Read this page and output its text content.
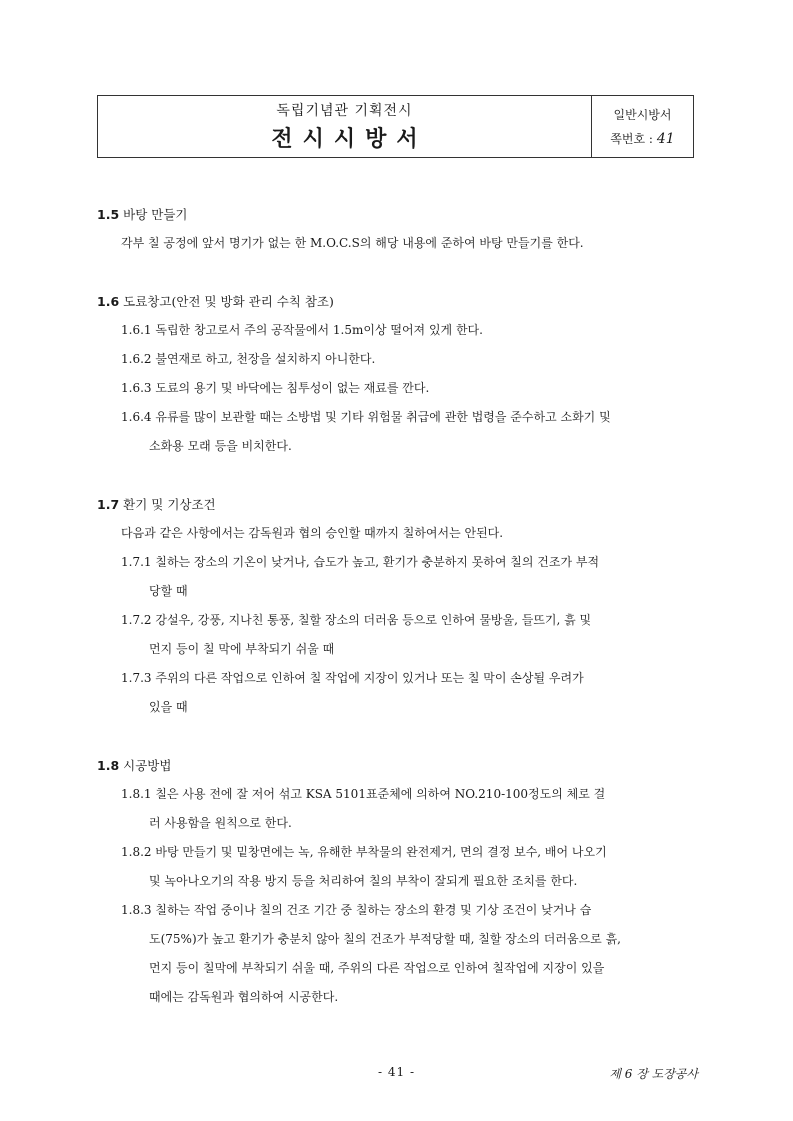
독립기념관 기획전시
전시시방서
일반시방서
쪽번호 : 41
1.5 바탕 만들기
각부 칠 공정에 앞서 명기가 없는 한 M.O.C.S의 해당 내용에 준하여 바탕 만들기를 한다.
1.6 도료창고(안전 및 방화 관리 수칙 참조)
1.6.1 독립한 창고로서 주의 공작물에서 1.5m이상 떨어져 있게 한다.
1.6.2 불연재로 하고, 천장을 설치하지 아니한다.
1.6.3 도료의 용기 및 바닥에는 침투성이 없는 재료를 깐다.
1.6.4 유류를 많이 보관할 때는 소방법 및 기타 위험물 취급에 관한 법령을 준수하고 소화기 및
소화용 모래 등을 비치한다.
1.7 환기 및 기상조건
다음과 같은 사항에서는 감독원과 협의 승인할 때까지 칠하여서는 안된다.
1.7.1 칠하는 장소의 기온이 낮거나, 습도가 높고, 환기가 충분하지 못하여 칠의 건조가 부적
당할 때
1.7.2 강설우, 강풍, 지나친 통풍, 칠할 장소의 더러움 등으로 인하여 물방울, 들뜨기, 흙 및
먼지 등이 칠 막에 부착되기 쉬울 때
1.7.3 주위의 다른 작업으로 인하여 칠 작업에 지장이 있거나 또는 칠 막이 손상될 우려가
있을 때
1.8 시공방법
1.8.1 칠은 사용 전에 잘 저어 섞고 KSA 5101표준체에 의하여 NO.210-100정도의 체로 걸
러 사용함을 원칙으로 한다.
1.8.2 바탕 만들기 및 밑창면에는 녹, 유해한 부착물의 완전제거, 면의 결정 보수, 배어 나오기
및 녹아나오기의 작용 방지 등을 처리하여 칠의 부착이 잘되게 필요한 조치를 한다.
1.8.3 칠하는 작업 중이나 칠의 건조 기간 중 칠하는 장소의 환경 및 기상 조건이 낮거나 습
도(75%)가 높고 환기가 충분치 않아 칠의 건조가 부적당할 때, 칠할 장소의 더러움으로 흙,
먼지 등이 칠막에 부착되기 쉬울 때, 주위의 다른 작업으로 인하여 칠작업에 지장이 있을
때에는 감독원과 협의하여 시공한다.
- 41 -	제 6 장 도장공사
